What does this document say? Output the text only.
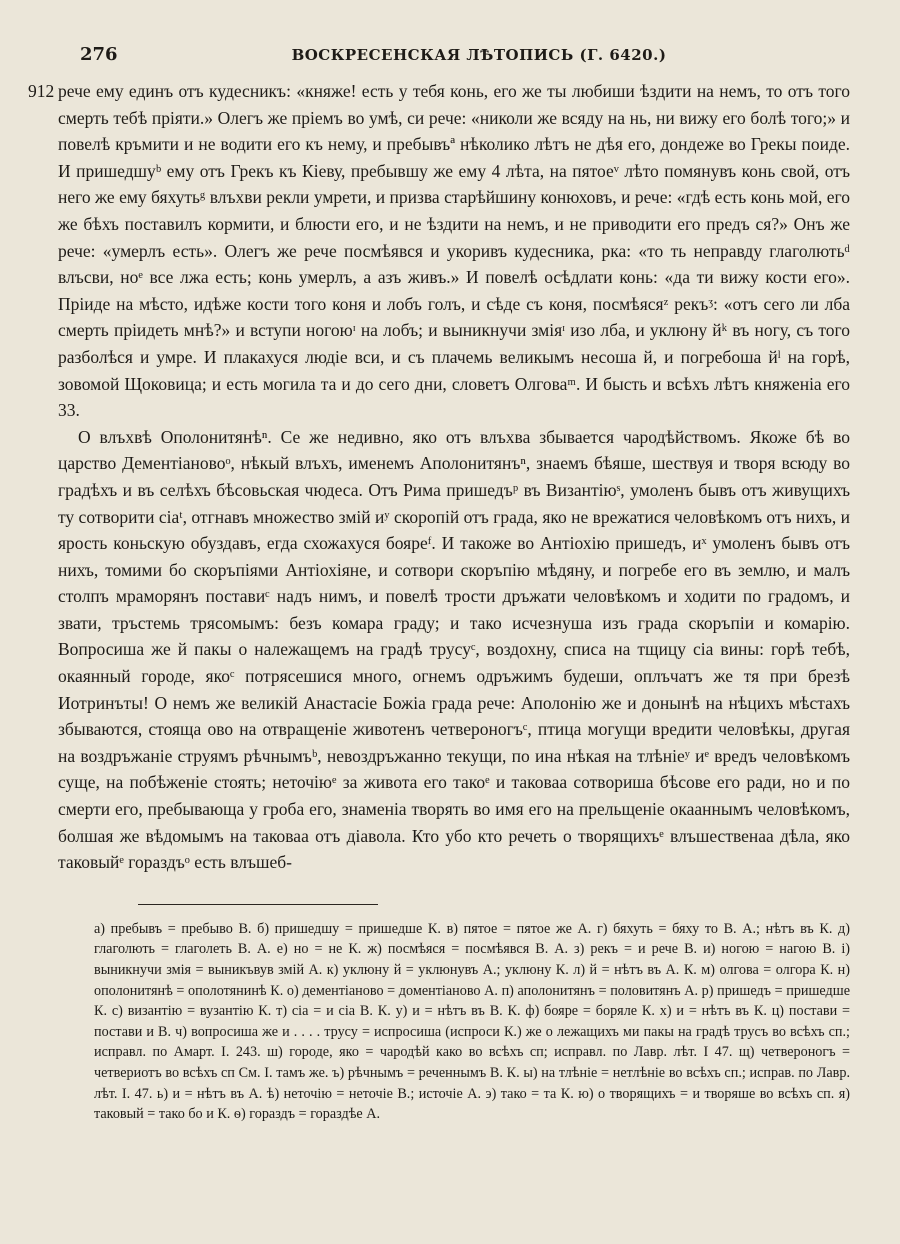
276	ВОСКРЕСЕНСКАЯ ЛѢТОПИСЬ (Г. 6420.)

912 рече ему единъ отъ кудесникъ: «княже! есть у тебя конь, его же ты любиши ѣздити на немъ, то отъ того смерть тебѣ пріяти.» Олегъ же пріемъ во умѣ, си рече: «николи же всяду на нь, ни вижу его болѣ того;» и повелѣ кръмити и не водити его къ нему, и пребывъª нѣколико лѣтъ не дѣя его, дондеже во Грекы поиде. И пришедшуᵇ ему отъ Грекъ къ Кіеву, пребывшу же ему 4 лѣта, на пятоеᵛ лѣто помянувъ конь свой, отъ него же ему бяхутьᵍ влъхви рекли умрети, и призва старѣйшину конюховъ, и рече: «гдѣ есть конь мой, его же бѣхъ поставилъ кормити, и блюсти его, и не ѣздити на немъ, и не приводити его предъ ся?» Онъ же рече: «умерлъ есть». Олегъ же рече посмѣявся и укоривъ кудесника, рка: «то ть неправду глаголютьᵈ влъсви, ноᵉ все лжа есть; конь умерлъ, а азъ живъ.» И повелѣ осѣдлати конь: «да ти вижу кости его». Пріиде на мѣсто, идѣже кости того коня и лобъ голъ, и сѣде съ коня, посмѣясяᶻ рекъᶾ: «отъ сего ли лба смерть пріидеть мнѣ?» и вступи ногоюᶦ на лобъ; и выникнучи зміяᶦ изо лба, и уклюну йᵏ въ ногу, съ того разболѣся и умре. И плакахуся людіе вси, и съ плачемь великымъ несоша й, и погребоша йˡ на горѣ, зовомой Щоковица; и есть могила та и до сего дни, словетъ Олговаᵐ. И бысть и всѣхъ лѣтъ княженіа его 33.

О влъхвѣ Ополонитянѣⁿ. Се же недивно, яко отъ влъхва збывается чародѣйствомъ. Якоже бѣ во царство Дементіановоᵒ, нѣкый влъхъ, именемъ Аполонитянъⁿ, знаемъ бѣяше, шествуя и творя всюду во градѣхъ и въ селѣхъ бѣсовьская чюдеса. Отъ Рима пришедъᵖ въ Византіюˢ, умоленъ бывъ отъ живущихъ ту сотворити сіаᵗ, отгнавъ множество змій иʸ скоропій отъ града, яко не врежатися человѣкомъ отъ нихъ, и ярость коньскую обуздавъ, егда схожахуся бояреᶠ. И такоже во Антіохію пришедъ, иˣ умоленъ бывъ отъ нихъ, томими бо скоръпіями Антіохіяне, и сотвори скоръпію мѣдяну, и погребе его въ землю, и малъ столпъ мраморянъ поставиᶜ надъ нимъ, и повелѣ трости дръжати человѣкомъ и ходити по градомъ, и звати, тръстемь трясомымъ: безъ комара граду; и тако исчезнуша изъ града скоръпіи и комарію. Вопросиша же й пакы о належащемъ на градѣ трусуᶜ, воздохну, списа на тщицу сіа вины: горѣ тебѣ, окаянный городе, якоᶜ потрясешися много, огнемъ одръжимъ будеши, оплъчатъ же тя при брезѣ Иотринъты! О немъ же великій Анастасіе Божіа града рече: Аполонію же и донынѣ на нѣцихъ мѣстахъ збываются, стояща ово на отвращеніе животенъ четвероногъᶜ, птица могущи вредити человѣкы, другая на воздръжаніе струямъ рѣчнымъᵇ, невоздръжанно текущи, по ина нѣкая на тлѣніеʸ иᵉ вредъ человѣкомъ суще, на побѣженіе стоять; неточіюᵉ за живота его такоᵉ и таковаа сотвориша бѣсове его ради, но и по смерти его, пребывающа у гроба его, знаменіа творять во имя его на прельщеніе окааннымъ человѣкомъ, болшая же вѣдомымъ на таковаа отъ діавола. Кто убо кто речеть о творящихъᵉ влъшественаа дѣла, яко таковыйᵉ гораздъᵒ есть влъшеб-

а) пребывъ = пребыво В. б) пришедшу = пришедше К. в) пятое = пятое же А. г) бяхуть = бяху то В. А.; нѣтъ въ К. д) глаголють = глаголеть В. А. е) но = не К. ж) посмѣяся = посмѣявся В. А. з) рекъ = и рече В. и) ногою = нагою В. і) выникнучи змія = выникъвув змій А. к) уклюну й = уклюнувъ А.; уклюну К. л) й = нѣтъ въ А. К. м) олгова = олгора К. н) ополонитянѣ = ополотянинѣ К. о) дементіаново = доментіаново А. п) аполонитянъ = половитянъ А. р) пришедъ = пришедше К. с) византію = вузантію К. т) сіа = и сіа В. К. у) и = нѣтъ въ В. К. ф) бояре = боряле К. х) и = нѣтъ въ К. ц) постави = постави и В. ч) вопросиша же и . . . . трусу = испросиша (испроси К.) же о лежащихъ ми пакы на градѣ трусъ во всѣхъ сп.; исправл. по Амарт. І. 243. ш) городе, яко = чародѣй како во всѣхъ сп; исправл. по Лавр. лѣт. І 47. щ) четвероногъ = четвериотъ во всѣхъ сп См. І. тамъ же. ъ) рѣчнымъ = реченнымъ В. К. ы) на тлѣніе = нетлѣніе во всѣхъ сп.; исправ. по Лавр. лѣт. І. 47. ь) и = нѣтъ въ А. ѣ) неточію = неточіе В.; источіе А. э) тако = та К. ю) о творящихъ = и творяше во всѣхъ сп. я) таковый = тако бо и К. ѳ) гораздъ = гораздѣе А.
